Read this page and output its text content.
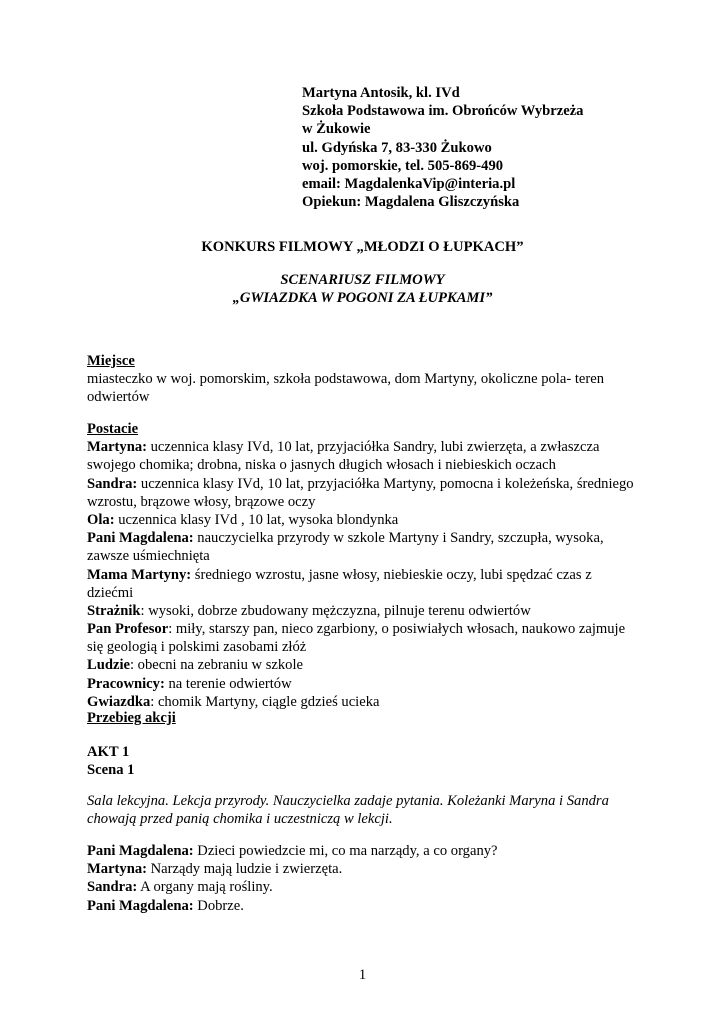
Martyna Antosik, kl. IVd
Szkoła Podstawowa im. Obrońców Wybrzeża
w Żukowie
ul. Gdyńska 7, 83-330 Żukowo
woj. pomorskie, tel. 505-869-490
email: MagdalenkaVip@interia.pl
Opiekun: Magdalena Gliszczyńska
KONKURS FILMOWY „MŁODZI O ŁUPKACH”
SCENARIUSZ FILMOWY
„GWIAZDKA W POGONI ZA ŁUPKAMI”
Miejsce
miasteczko w woj. pomorskim, szkoła podstawowa, dom Martyny, okoliczne pola- teren
odwiertów
Postacie
Martyna: uczennica klasy IVd, 10 lat, przyjaciółka Sandry, lubi zwierzęta, a zwłaszcza
swojego chomika; drobna, niska o jasnych długich włosach i niebieskich oczach
Sandra: uczennica klasy IVd, 10 lat, przyjaciółka Martyny, pomocna i koleżeńska, średniego
wzrostu, brązowe włosy, brązowe oczy
Ola: uczennica klasy IVd , 10 lat, wysoka blondynka
Pani Magdalena: nauczycielka przyrody w szkole Martyny i Sandry, szczupła, wysoka,
zawsze uśmiechnięta
Mama Martyny: średniego wzrostu, jasne włosy, niebieskie oczy, lubi spędzać czas z
dziećmi
Strażnik: wysoki, dobrze zbudowany mężczyzna, pilnuje terenu odwiertów
Pan Profesor: miły, starszy pan, nieco zgarbiony, o posiwiałych włosach, naukowo zajmuje
się geologią i polskimi zasobami złóż
Ludzie: obecni na zebraniu w szkole
Pracownicy: na terenie odwiertów
Gwiazdka: chomik Martyny, ciągle gdzieś ucieka
Przebieg akcji
AKT 1
Scena 1
Sala lekcyjna. Lekcja przyrody. Nauczycielka zadaje pytania. Koleżanki Maryna i Sandra
chowają przed panią chomika i uczestniczą w lekcji.
Pani Magdalena: Dzieci powiedzcie mi, co ma narządy, a co organy?
Martyna: Narządy mają ludzie i zwierzęta.
Sandra: A organy mają rośliny.
Pani Magdalena: Dobrze.
1
